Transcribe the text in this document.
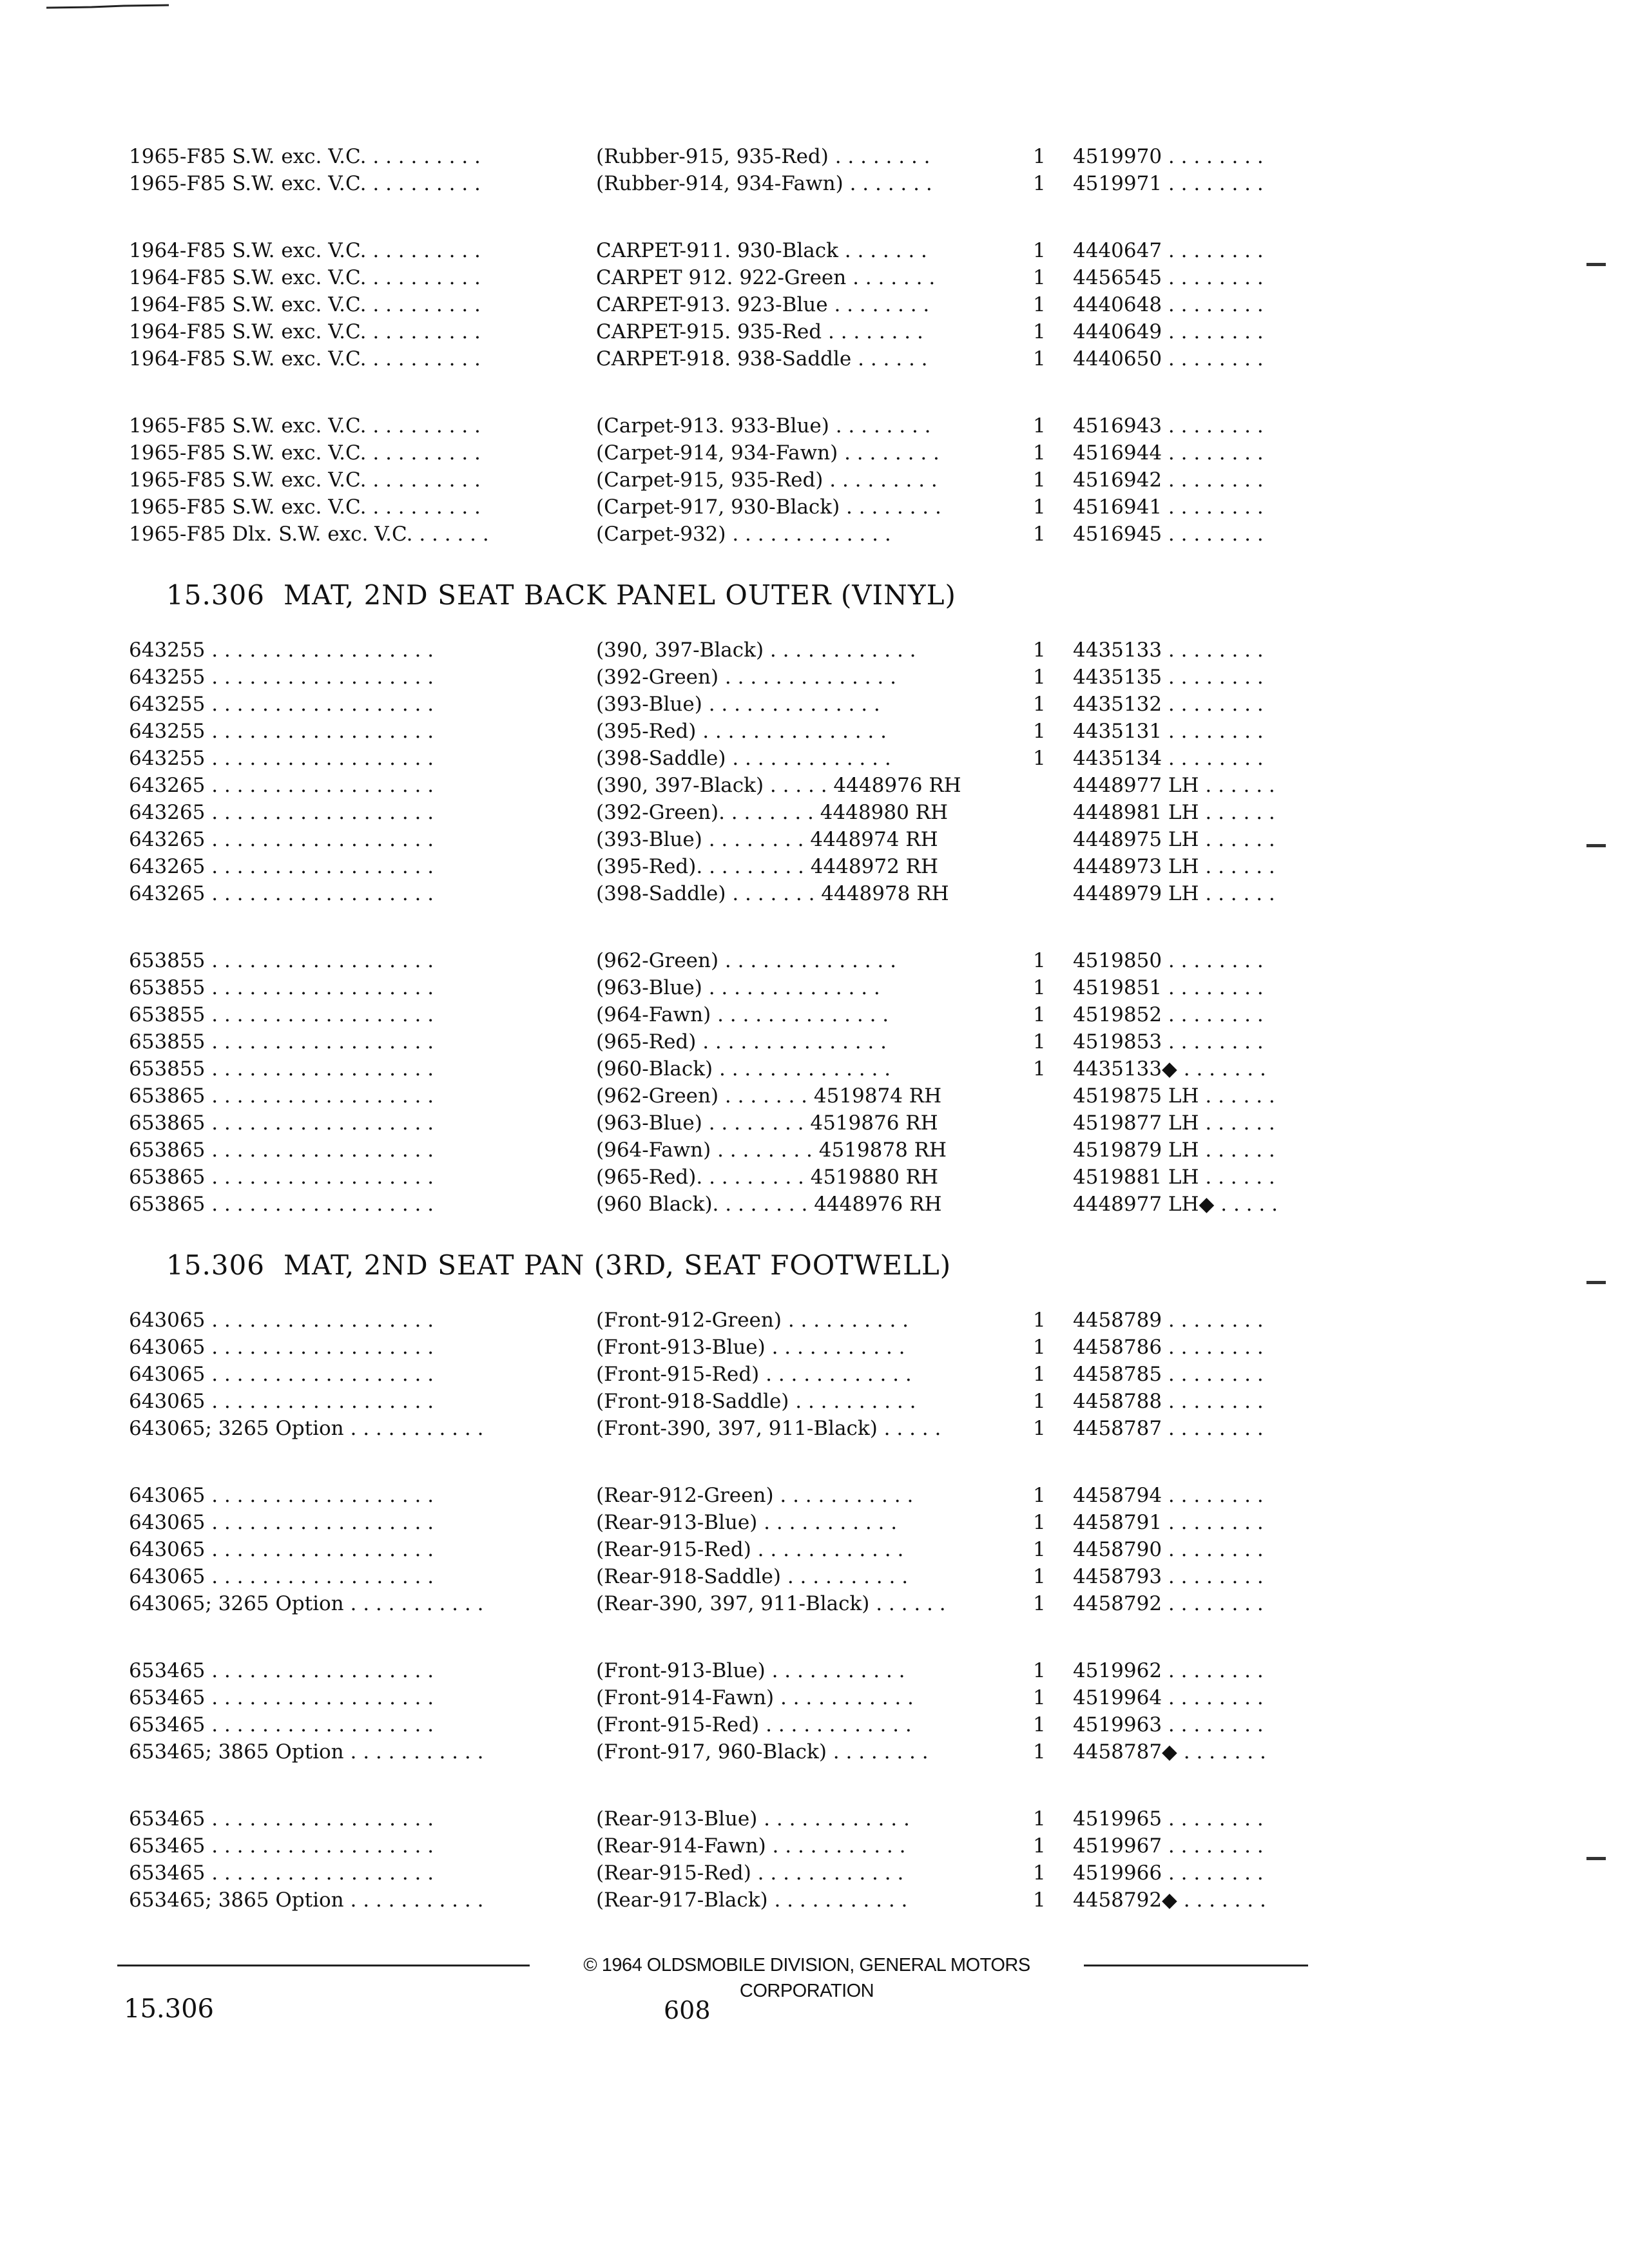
1965-F85 S.W. exc. V.C. . . . . . . . . .	(Rubber-915, 935-Red) . . . . . . . .	1 4519970 . . . . . . . .
1965-F85 S.W. exc. V.C. . . . . . . . . .	(Rubber-914, 934-Fawn) . . . . . . .	1 4519971 . . . . . . . .
1964-F85 S.W. exc. V.C. . . . . . . . . .	CARPET-911. 930-Black . . . . . . .	1 4440647 . . . . . . . .
1964-F85 S.W. exc. V.C. . . . . . . . . .	CARPET 912. 922-Green . . . . . . .	1 4456545 . . . . . . . .
1964-F85 S.W. exc. V.C. . . . . . . . . .	CARPET-913. 923-Blue . . . . . . . .	1 4440648 . . . . . . . .
1964-F85 S.W. exc. V.C. . . . . . . . . .	CARPET-915. 935-Red . . . . . . . .	1 4440649 . . . . . . . .
1964-F85 S.W. exc. V.C. . . . . . . . . .	CARPET-918. 938-Saddle . . . . . .	1 4440650 . . . . . . . .
1965-F85 S.W. exc. V.C. . . . . . . . . .	(Carpet-913. 933-Blue) . . . . . . . .	1 4516943 . . . . . . . .
1965-F85 S.W. exc. V.C. . . . . . . . . .	(Carpet-914, 934-Fawn) . . . . . . . .	1 4516944 . . . . . . . .
1965-F85 S.W. exc. V.C. . . . . . . . . .	(Carpet-915, 935-Red) . . . . . . . . .	1 4516942 . . . . . . . .
1965-F85 S.W. exc. V.C. . . . . . . . . .	(Carpet-917, 930-Black) . . . . . . . .	1 4516941 . . . . . . . .
1965-F85 Dlx. S.W. exc. V.C. . . . . . .	(Carpet-932) . . . . . . . . . . . . .	1 4516945 . . . . . . . .
15.306 MAT, 2ND SEAT BACK PANEL OUTER (VINYL)
643255 . . . . . . . . . . . . . . . . . .	(390, 397-Black) . . . . . . . . . . . .	1 4435133 . . . . . . . .
643255 . . . . . . . . . . . . . . . . . .	(392-Green) . . . . . . . . . . . . . .	1 4435135 . . . . . . . .
643255 . . . . . . . . . . . . . . . . . .	(393-Blue) . . . . . . . . . . . . . .	1 4435132 . . . . . . . .
643255 . . . . . . . . . . . . . . . . . .	(395-Red) . . . . . . . . . . . . . . .	1 4435131 . . . . . . . .
643255 . . . . . . . . . . . . . . . . . .	(398-Saddle) . . . . . . . . . . . . .	1 4435134 . . . . . . . .
643265 . . . . . . . . . . . . . . . . . .	(390, 397-Black) . . . . . 4448976 RH	4448977 LH . . . . . .
643265 . . . . . . . . . . . . . . . . . .	(392-Green). . . . . . . . 4448980 RH	4448981 LH . . . . . .
643265 . . . . . . . . . . . . . . . . . .	(393-Blue) . . . . . . . . 4448974 RH	4448975 LH . . . . . .
643265 . . . . . . . . . . . . . . . . . .	(395-Red). . . . . . . . . 4448972 RH	4448973 LH . . . . . .
643265 . . . . . . . . . . . . . . . . . .	(398-Saddle) . . . . . . . 4448978 RH	4448979 LH . . . . . .
653855 . . . . . . . . . . . . . . . . . .	(962-Green) . . . . . . . . . . . . . .	1 4519850 . . . . . . . .
653855 . . . . . . . . . . . . . . . . . .	(963-Blue) . . . . . . . . . . . . . .	1 4519851 . . . . . . . .
653855 . . . . . . . . . . . . . . . . . .	(964-Fawn) . . . . . . . . . . . . . .	1 4519852 . . . . . . . .
653855 . . . . . . . . . . . . . . . . . .	(965-Red) . . . . . . . . . . . . . . .	1 4519853 . . . . . . . .
653855 . . . . . . . . . . . . . . . . . .	(960-Black) . . . . . . . . . . . . . .	1 4435133◆ . . . . . . .
653865 . . . . . . . . . . . . . . . . . .	(962-Green) . . . . . . . 4519874 RH	4519875 LH . . . . . .
653865 . . . . . . . . . . . . . . . . . .	(963-Blue) . . . . . . . . 4519876 RH	4519877 LH . . . . . .
653865 . . . . . . . . . . . . . . . . . .	(964-Fawn) . . . . . . . . 4519878 RH	4519879 LH . . . . . .
653865 . . . . . . . . . . . . . . . . . .	(965-Red). . . . . . . . . 4519880 RH	4519881 LH . . . . . .
653865 . . . . . . . . . . . . . . . . . .	(960 Black). . . . . . . . 4448976 RH	4448977 LH◆ . . . . .
15.306 MAT, 2ND SEAT PAN (3RD, SEAT FOOTWELL)
643065 . . . . . . . . . . . . . . . . . .	(Front-912-Green) . . . . . . . . . .	1 4458789 . . . . . . . .
643065 . . . . . . . . . . . . . . . . . .	(Front-913-Blue) . . . . . . . . . . .	1 4458786 . . . . . . . .
643065 . . . . . . . . . . . . . . . . . .	(Front-915-Red) . . . . . . . . . . . .	1 4458785 . . . . . . . .
643065 . . . . . . . . . . . . . . . . . .	(Front-918-Saddle) . . . . . . . . . .	1 4458788 . . . . . . . .
643065; 3265 Option . . . . . . . . . . .	(Front-390, 397, 911-Black) . . . . .	1 4458787 . . . . . . . .
643065 . . . . . . . . . . . . . . . . . .	(Rear-912-Green) . . . . . . . . . . .	1 4458794 . . . . . . . .
643065 . . . . . . . . . . . . . . . . . .	(Rear-913-Blue) . . . . . . . . . . .	1 4458791 . . . . . . . .
643065 . . . . . . . . . . . . . . . . . .	(Rear-915-Red) . . . . . . . . . . . .	1 4458790 . . . . . . . .
643065 . . . . . . . . . . . . . . . . . .	(Rear-918-Saddle) . . . . . . . . . .	1 4458793 . . . . . . . .
643065; 3265 Option . . . . . . . . . . .	(Rear-390, 397, 911-Black) . . . . . .	1 4458792 . . . . . . . .
653465 . . . . . . . . . . . . . . . . . .	(Front-913-Blue) . . . . . . . . . . .	1 4519962 . . . . . . . .
653465 . . . . . . . . . . . . . . . . . .	(Front-914-Fawn) . . . . . . . . . . .	1 4519964 . . . . . . . .
653465 . . . . . . . . . . . . . . . . . .	(Front-915-Red) . . . . . . . . . . . .	1 4519963 . . . . . . . .
653465; 3865 Option . . . . . . . . . . .	(Front-917, 960-Black) . . . . . . . .	1 4458787◆ . . . . . . .
653465 . . . . . . . . . . . . . . . . . .	(Rear-913-Blue) . . . . . . . . . . . .	1 4519965 . . . . . . . .
653465 . . . . . . . . . . . . . . . . . .	(Rear-914-Fawn) . . . . . . . . . . .	1 4519967 . . . . . . . .
653465 . . . . . . . . . . . . . . . . . .	(Rear-915-Red) . . . . . . . . . . . .	1 4519966 . . . . . . . .
653465; 3865 Option . . . . . . . . . . .	(Rear-917-Black) . . . . . . . . . . .	1 4458792◆ . . . . . . .
© 1964 OLDSMOBILE DIVISION, GENERAL MOTORS CORPORATION
15.306	608
